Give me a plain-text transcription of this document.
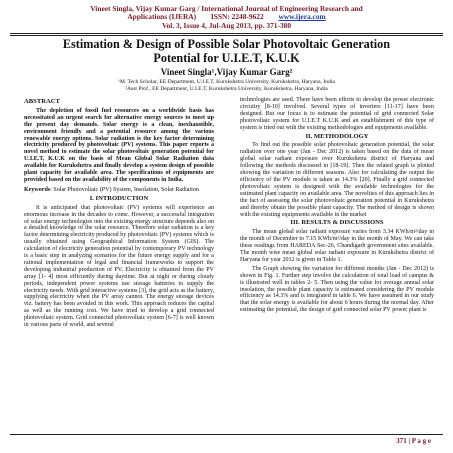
Vineet Singla, Vijay Kumar Garg / International Journal of Engineering Research and
Applications (IJERA) ISSN: 2248-9622 www.ijera.com
Vol. 3, Issue 4, Jul-Aug 2013, pp. 371-380
Estimation & Design of Possible Solar Photovoltaic Generation
Potential for U.I.E.T, K.U.K
Vineet Singla¹,Vijay Kumar Garg²
¹M. Tech Scholar, EE Department, U.I.E.T, Kurukshetra University, Kurukshetra, Haryana, India
²Asst Prof., EE Department, U.I.E.T, Kurukshetra University, Kurukshetra, Haryana, India
ABSTRACT

The depletion of fossil fuel resources on a worldwide basis has necessitated an urgent search for alternative energy sources to meet up the present day demands. Solar energy is a clean, inexhaustible, environment friendly and a potential resource among the various renewable energy options. Solar radiation is the key factor determining electricity produced by photovoltaic (PV) systems. This paper reports a novel method to estimate the solar photovoltaic generation potential for U.I.E.T, K.U.K on the basis of Mean Global Solar Radiation data available for Kurukshetra and finally develop a system design of possible plant capacity for available area. The specifications of equipments are provided based on the availability of the components in India.

Keywords: Solar Photovoltaic (PV) System, Insolation, Solar Radiation
I. INTRODUCTION

It is anticipated that photovoltaic (PV) systems will experience an enormous increase in the decades to come. However, a successful integration of solar energy technologies into the existing energy structure depends also on a detailed knowledge of the solar resource. Therefore solar radiation is a key factor determining electricity produced by photovoltaic (PV) systems which is usually obtained using Geographical Information System (GIS). The calculation of electricity generation potential by contemporary PV technology is a basic step in analyzing scenarios for the future energy supply and for a rational implementation of legal and financial frameworks to support the developing industrial production of PV. Electricity is obtained from the PV array [1- 4] most efficiently during daytime. But at night or during cloudy periods, independent power systems use storage batteries to supply the electricity needs. With grid interactive systems [3], the grid acts as the battery, supplying electricity when the PV array cannot. The energy storage devices viz. battery has been avoided in this work. This approach reduces the capital as well as the running cost. We have tried to develop a grid connected photovoltaic system. Grid connected photovoltaic system [6-7] is well known in various parts of world, and several

technologies are used. There have been efforts to develop the power electronic circuitry [8-10] involved. Several types of inverters [11-17] have been designed. But our focus is to estimate the potential of grid connected Solar photovoltaic system for U.I.E.T K.U.K and an establishment of this type of system is tried out with the existing methodologies and equipments available.

II. METHODOLOGY

To find out the possible solar photovoltaic generation potential, the solar radiation over one year (Jan - Dec 2012) is taken based on the data of mean global solar radiant exposure over Kurukshetra district of Haryana and following the methods discussed in [18-19]. Then the related graph is plotted showing the variation in different seasons. Also for calculating the output the efficiency of the PV module is taken as 14.3% [20]. Finally a grid connected photovoltaic system is designed with the available technologies for the estimated plant capacity on available area. The novelties of this approach lies in the fact of assessing the solar photovoltaic generation potential in Kurukshetra and thereby obtain the possible plant capacity. The method of design is shown with the existing equipments available in the market

III. RESULTS & DISCUSSIONS

The mean global solar radiant exposure varies from 3.34 KWh/m²/day in the month of December to 7.15 KWh/m²/day in the month of May. We can take these readings from HAREDA Sec-26, Chandigarh government sites available. The month wise mean global solar radiant exposure in Kurukshetra district of Haryana for year 2012 is given in Table 1.

The Graph showing the variation for different months (Jan - Dec 2012) is shown in Fig. 1. Further step involve the calculation of total load of campus & is illustrated well in tables 2- 5. Then using the value for average annual solar insolation, the possible plant capacity is estimated considering the PV module efficiency as 14.3% and is integrated in table 6. We have assumed in our study that the solar energy is available for about 6 hours during the normal day. After estimating the potential, the design of grid connected solar PV power plant is

371 | P a g e
